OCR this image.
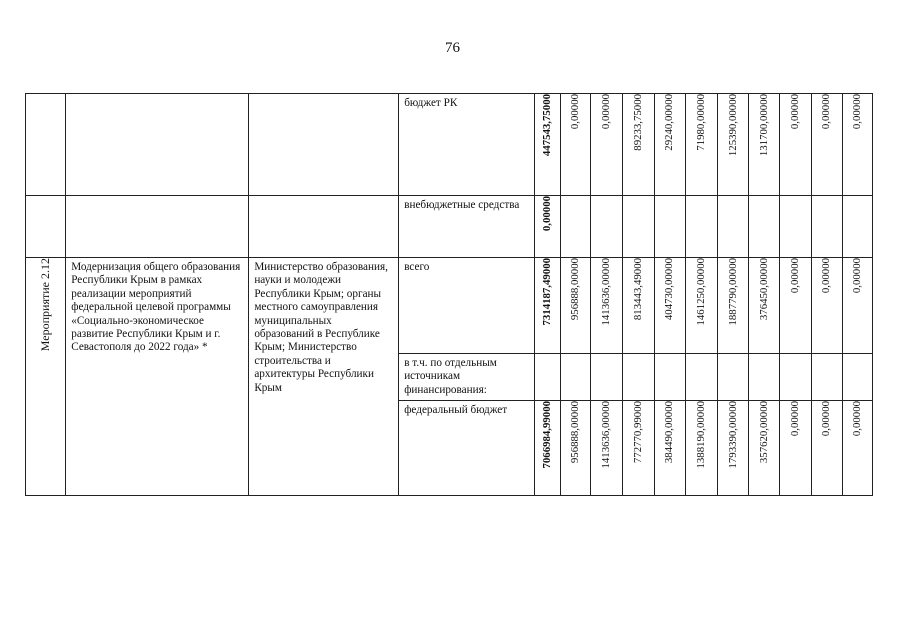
76
			бюджет РК	447543,75000	0,00000	0,00000	89233,75000	29240,00000	71980,00000	125390,00000	131700,00000	0,00000	0,00000	0,00000

			внебюджетные средства	0,00000										

Мероприятие 2.12	Модернизация общего образования Республики Крым в рамках реализации мероприятий федеральной целевой программы «Социально-экономическое развитие Республики Крым и г. Севастополя до 2022 года» *	Министерство образования, науки и молодежи Республики Крым; органы местного самоуправления муниципальных образований в Республике Крым; Министерство строительства и архитектуры Республики Крым	всего	7314187,49000	956888,00000	1413636,00000	813443,49000	404730,00000	1461250,00000	1887790,00000	376450,00000	0,00000	0,00000	0,00000

			в т.ч. по отдельным источникам финансирования:											
			федеральный бюджет	7066984,99000	956888,00000	1413636,00000	772770,99000	384490,00000	1388190,00000	1793390,00000	357620,00000	0,00000	0,00000	0,00000
